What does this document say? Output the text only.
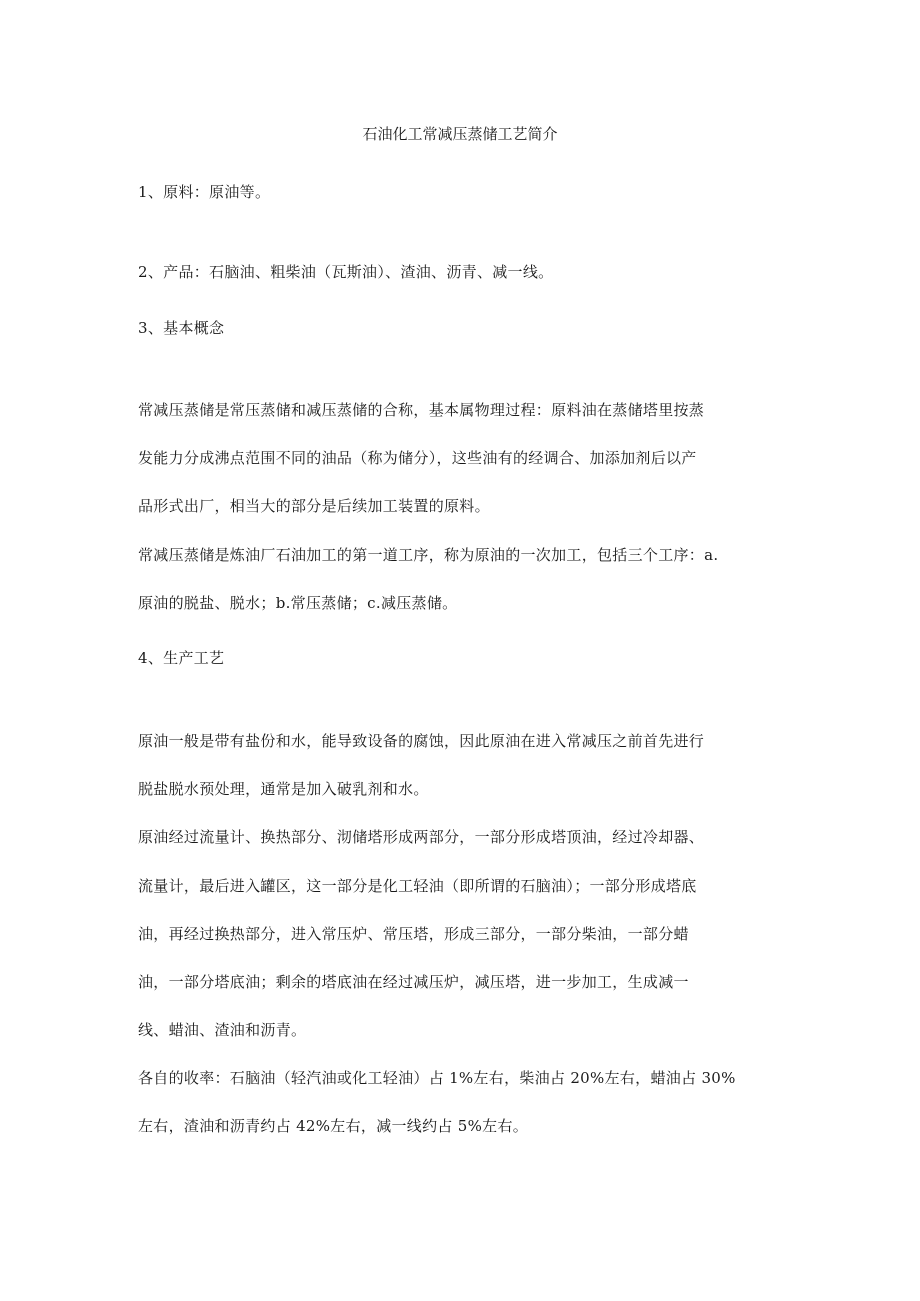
石油化工常减压蒸储工艺简介
1、原料：原油等。
2、产品：石脑油、粗柴油（瓦斯油）、渣油、沥青、减一线。
3、基本概念
常减压蒸储是常压蒸储和减压蒸储的合称，基本属物理过程：原料油在蒸储塔里按蒸
发能力分成沸点范围不同的油品（称为储分），这些油有的经调合、加添加剂后以产
品形式出厂，相当大的部分是后续加工装置的原料。
常减压蒸储是炼油厂石油加工的第一道工序，称为原油的一次加工，包括三个工序：a.
原油的脱盐、脱水；b.常压蒸储；c.减压蒸储。
4、生产工艺
原油一般是带有盐份和水，能导致设备的腐蚀，因此原油在进入常减压之前首先进行
脱盐脱水预处理，通常是加入破乳剂和水。
原油经过流量计、换热部分、沏储塔形成两部分，一部分形成塔顶油，经过冷却器、
流量计，最后进入罐区，这一部分是化工轻油（即所谓的石脑油）；一部分形成塔底
油，再经过换热部分，进入常压炉、常压塔，形成三部分，一部分柴油，一部分蜡
油，一部分塔底油；剩余的塔底油在经过减压炉，减压塔，进一步加工，生成减一
线、蜡油、渣油和沥青。
各自的收率：石脑油（轻汽油或化工轻油）占 1%左右，柴油占 20%左右，蜡油占 30%
左右，渣油和沥青约占 42%左右，减一线约占 5%左右。
